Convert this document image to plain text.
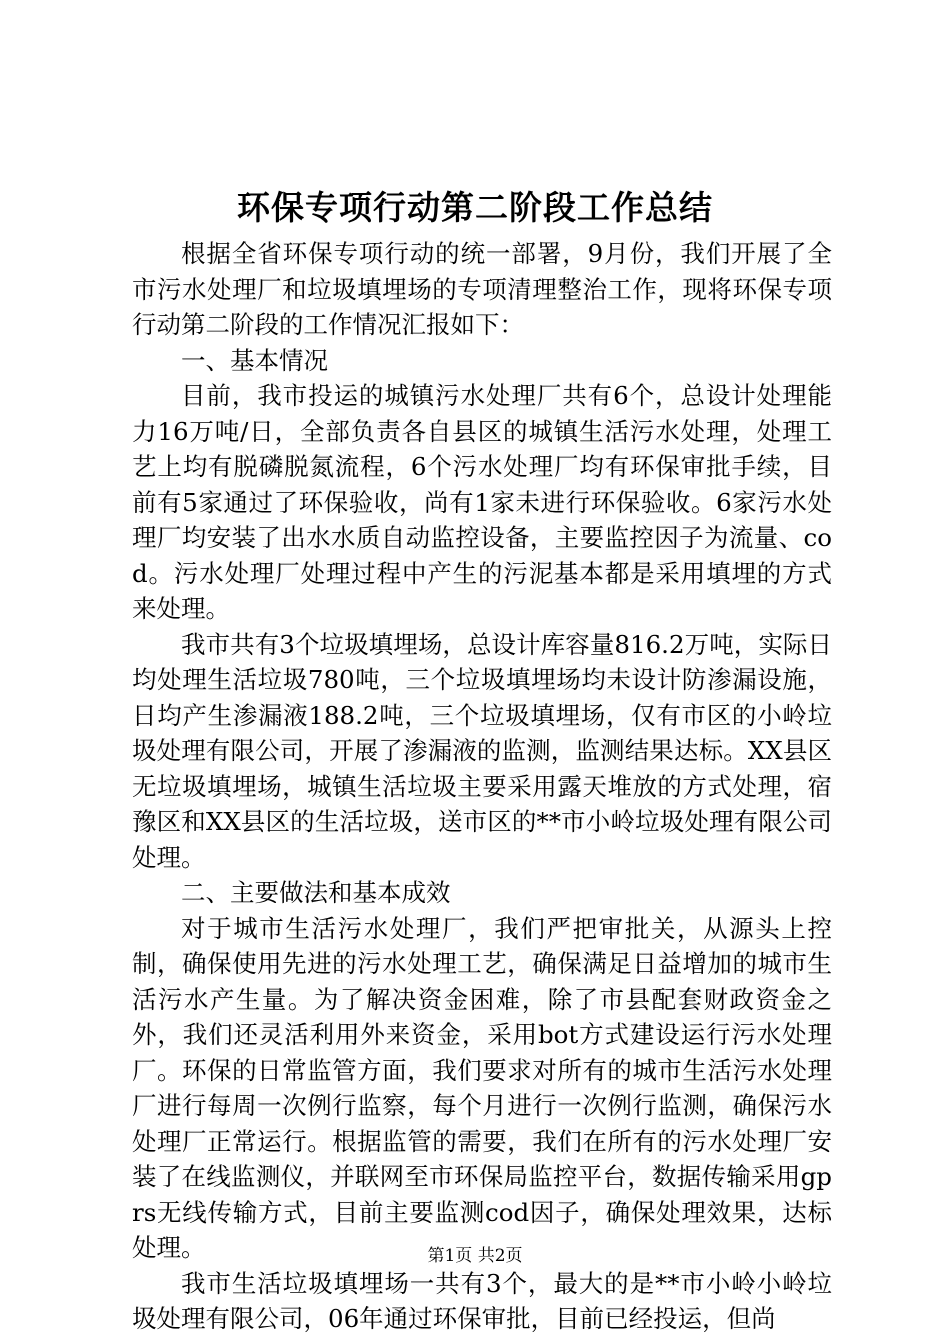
环保专项行动第二阶段工作总结

根据全省环保专项行动的统一部署，9月份，我们开展了全市污水处理厂和垃圾填埋场的专项清理整治工作，现将环保专项行动第二阶段的工作情况汇报如下：

一、基本情况

目前，我市投运的城镇污水处理厂共有6个，总设计处理能力16万吨/日，全部负责各自县区的城镇生活污水处理，处理工艺上均有脱磷脱氮流程，6个污水处理厂均有环保审批手续，目前有5家通过了环保验收，尚有1家未进行环保验收。6家污水处理厂均安装了出水水质自动监控设备，主要监控因子为流量、cod。污水处理厂处理过程中产生的污泥基本都是采用填埋的方式来处理。

我市共有3个垃圾填埋场，总设计库容量816.2万吨，实际日均处理生活垃圾780吨，三个垃圾填埋场均未设计防渗漏设施，日均产生渗漏液188.2吨，三个垃圾填埋场，仅有市区的小岭垃圾处理有限公司，开展了渗漏液的监测，监测结果达标。XX县区无垃圾填埋场，城镇生活垃圾主要采用露天堆放的方式处理，宿豫区和XX县区的生活垃圾，送市区的**市小岭垃圾处理有限公司处理。

二、主要做法和基本成效

对于城市生活污水处理厂，我们严把审批关，从源头上控制，确保使用先进的污水处理工艺，确保满足日益增加的城市生活污水产生量。为了解决资金困难，除了市县配套财政资金之外，我们还灵活利用外来资金，采用bot方式建设运行污水处理厂。环保的日常监管方面，我们要求对所有的城市生活污水处理厂进行每周一次例行监察，每个月进行一次例行监测，确保污水处理厂正常运行。根据监管的需要，我们在所有的污水处理厂安装了在线监测仪，并联网至市环保局监控平台，数据传输采用gprs无线传输方式，目前主要监测cod因子，确保处理效果，达标处理。

我市生活垃圾填埋场一共有3个，最大的是**市小岭小岭垃圾处理有限公司，06年通过环保审批，目前已经投运，但尚

第1页 共2页
